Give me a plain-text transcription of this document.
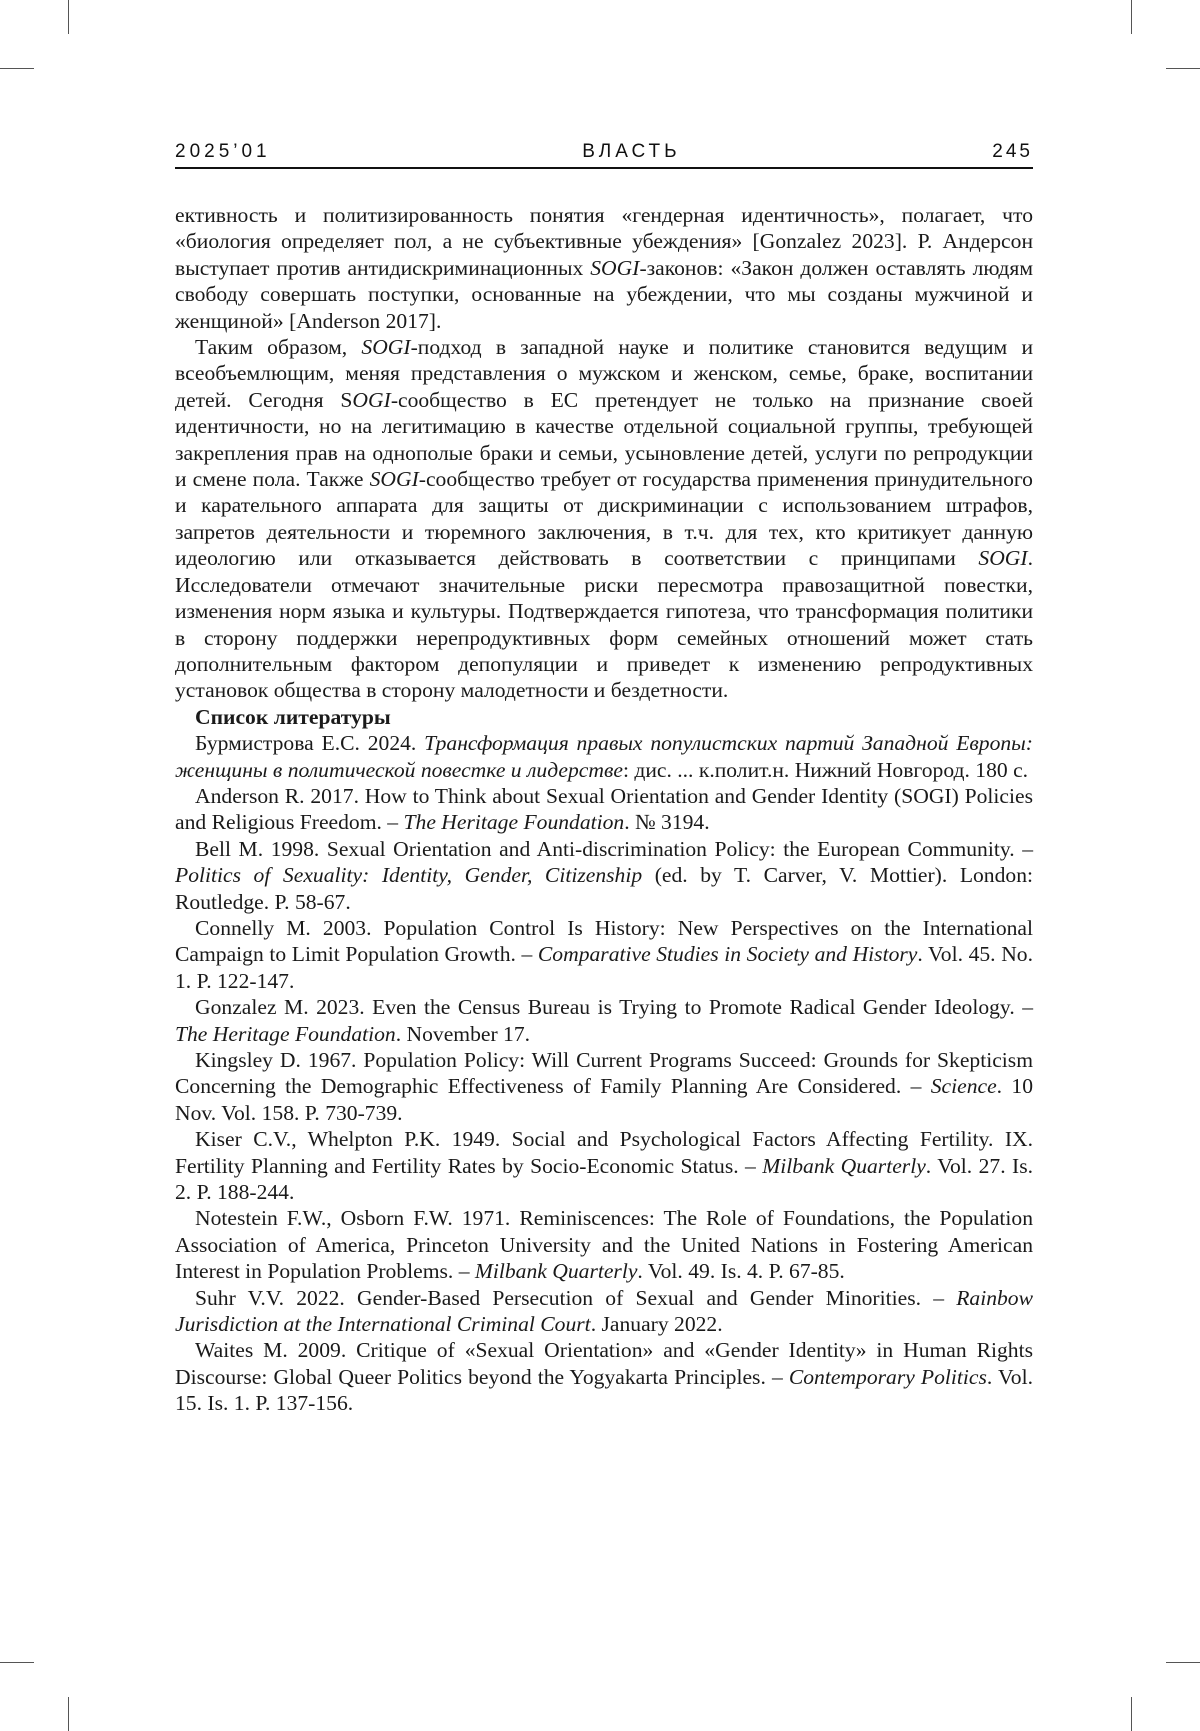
2025’01	ВЛАСТЬ	245

ективность и политизированность понятия «гендерная идентичность», полагает, что «биология определяет пол, а не субъективные убеждения» [Gonzalez 2023]. Р. Андерсон выступает против антидискриминационных SOGI-законов: «Закон должен оставлять людям свободу совершать поступки, основанные на убеждении, что мы созданы мужчиной и женщиной» [Anderson 2017].

Таким образом, SOGI-подход в западной науке и политике становится ведущим и всеобъемлющим, меняя представления о мужском и женском, семье, браке, воспитании детей. Сегодня SOGI-сообщество в ЕС претендует не только на признание своей идентичности, но на легитимацию в качестве отдельной социальной группы, требующей закрепления прав на однополые браки и семьи, усыновление детей, услуги по репродукции и смене пола. Также SOGI-сообщество требует от государства применения принудительного и карательного аппарата для защиты от дискриминации с использованием штрафов, запретов деятельности и тюремного заключения, в т.ч. для тех, кто критикует данную идеологию или отказывается действовать в соответствии с принципами SOGI. Исследователи отмечают значительные риски пересмотра правозащитной повестки, изменения норм языка и культуры. Подтверждается гипотеза, что трансформация политики в сторону поддержки нерепродуктивных форм семейных отношений может стать дополнительным фактором депопуляции и приведет к изменению репродуктивных установок общества в сторону малодетности и бездетности.

Список литературы

Бурмистрова Е.С. 2024. Трансформация правых популистских партий Западной Европы: женщины в политической повестке и лидерстве: дис. ... к.полит.н. Нижний Новгород. 180 с.

Anderson R. 2017. How to Think about Sexual Orientation and Gender Identity (SOGI) Policies and Religious Freedom. – The Heritage Foundation. № 3194.

Bell M. 1998. Sexual Orientation and Anti-discrimination Policy: the European Community. – Politics of Sexuality: Identity, Gender, Citizenship (ed. by T. Carver, V. Mottier). London: Routledge. P. 58-67.

Connelly M. 2003. Population Control Is History: New Perspectives on the International Campaign to Limit Population Growth. – Comparative Studies in Society and History. Vol. 45. No. 1. P. 122-147.

Gonzalez M. 2023. Even the Census Bureau is Trying to Promote Radical Gender Ideology. – The Heritage Foundation. November 17.

Kingsley D. 1967. Population Policy: Will Current Programs Succeed: Grounds for Skepticism Concerning the Demographic Effectiveness of Family Planning Are Considered. – Science. 10 Nov. Vol. 158. P. 730-739.

Kiser C.V., Whelpton P.K. 1949. Social and Psychological Factors Affecting Fertility. IX. Fertility Planning and Fertility Rates by Socio-Economic Status. – Milbank Quarterly. Vol. 27. Is. 2. P. 188-244.

Notestein F.W., Osborn F.W. 1971. Reminiscences: The Role of Foundations, the Population Association of America, Princeton University and the United Nations in Fostering American Interest in Population Problems. – Milbank Quarterly. Vol. 49. Is. 4. P. 67-85.

Suhr V.V. 2022. Gender-Based Persecution of Sexual and Gender Minorities. – Rainbow Jurisdiction at the International Criminal Court. January 2022.

Waites M. 2009. Critique of «Sexual Orientation» and «Gender Identity» in Human Rights Discourse: Global Queer Politics beyond the Yogyakarta Principles. – Contemporary Politics. Vol. 15. Is. 1. P. 137-156.
